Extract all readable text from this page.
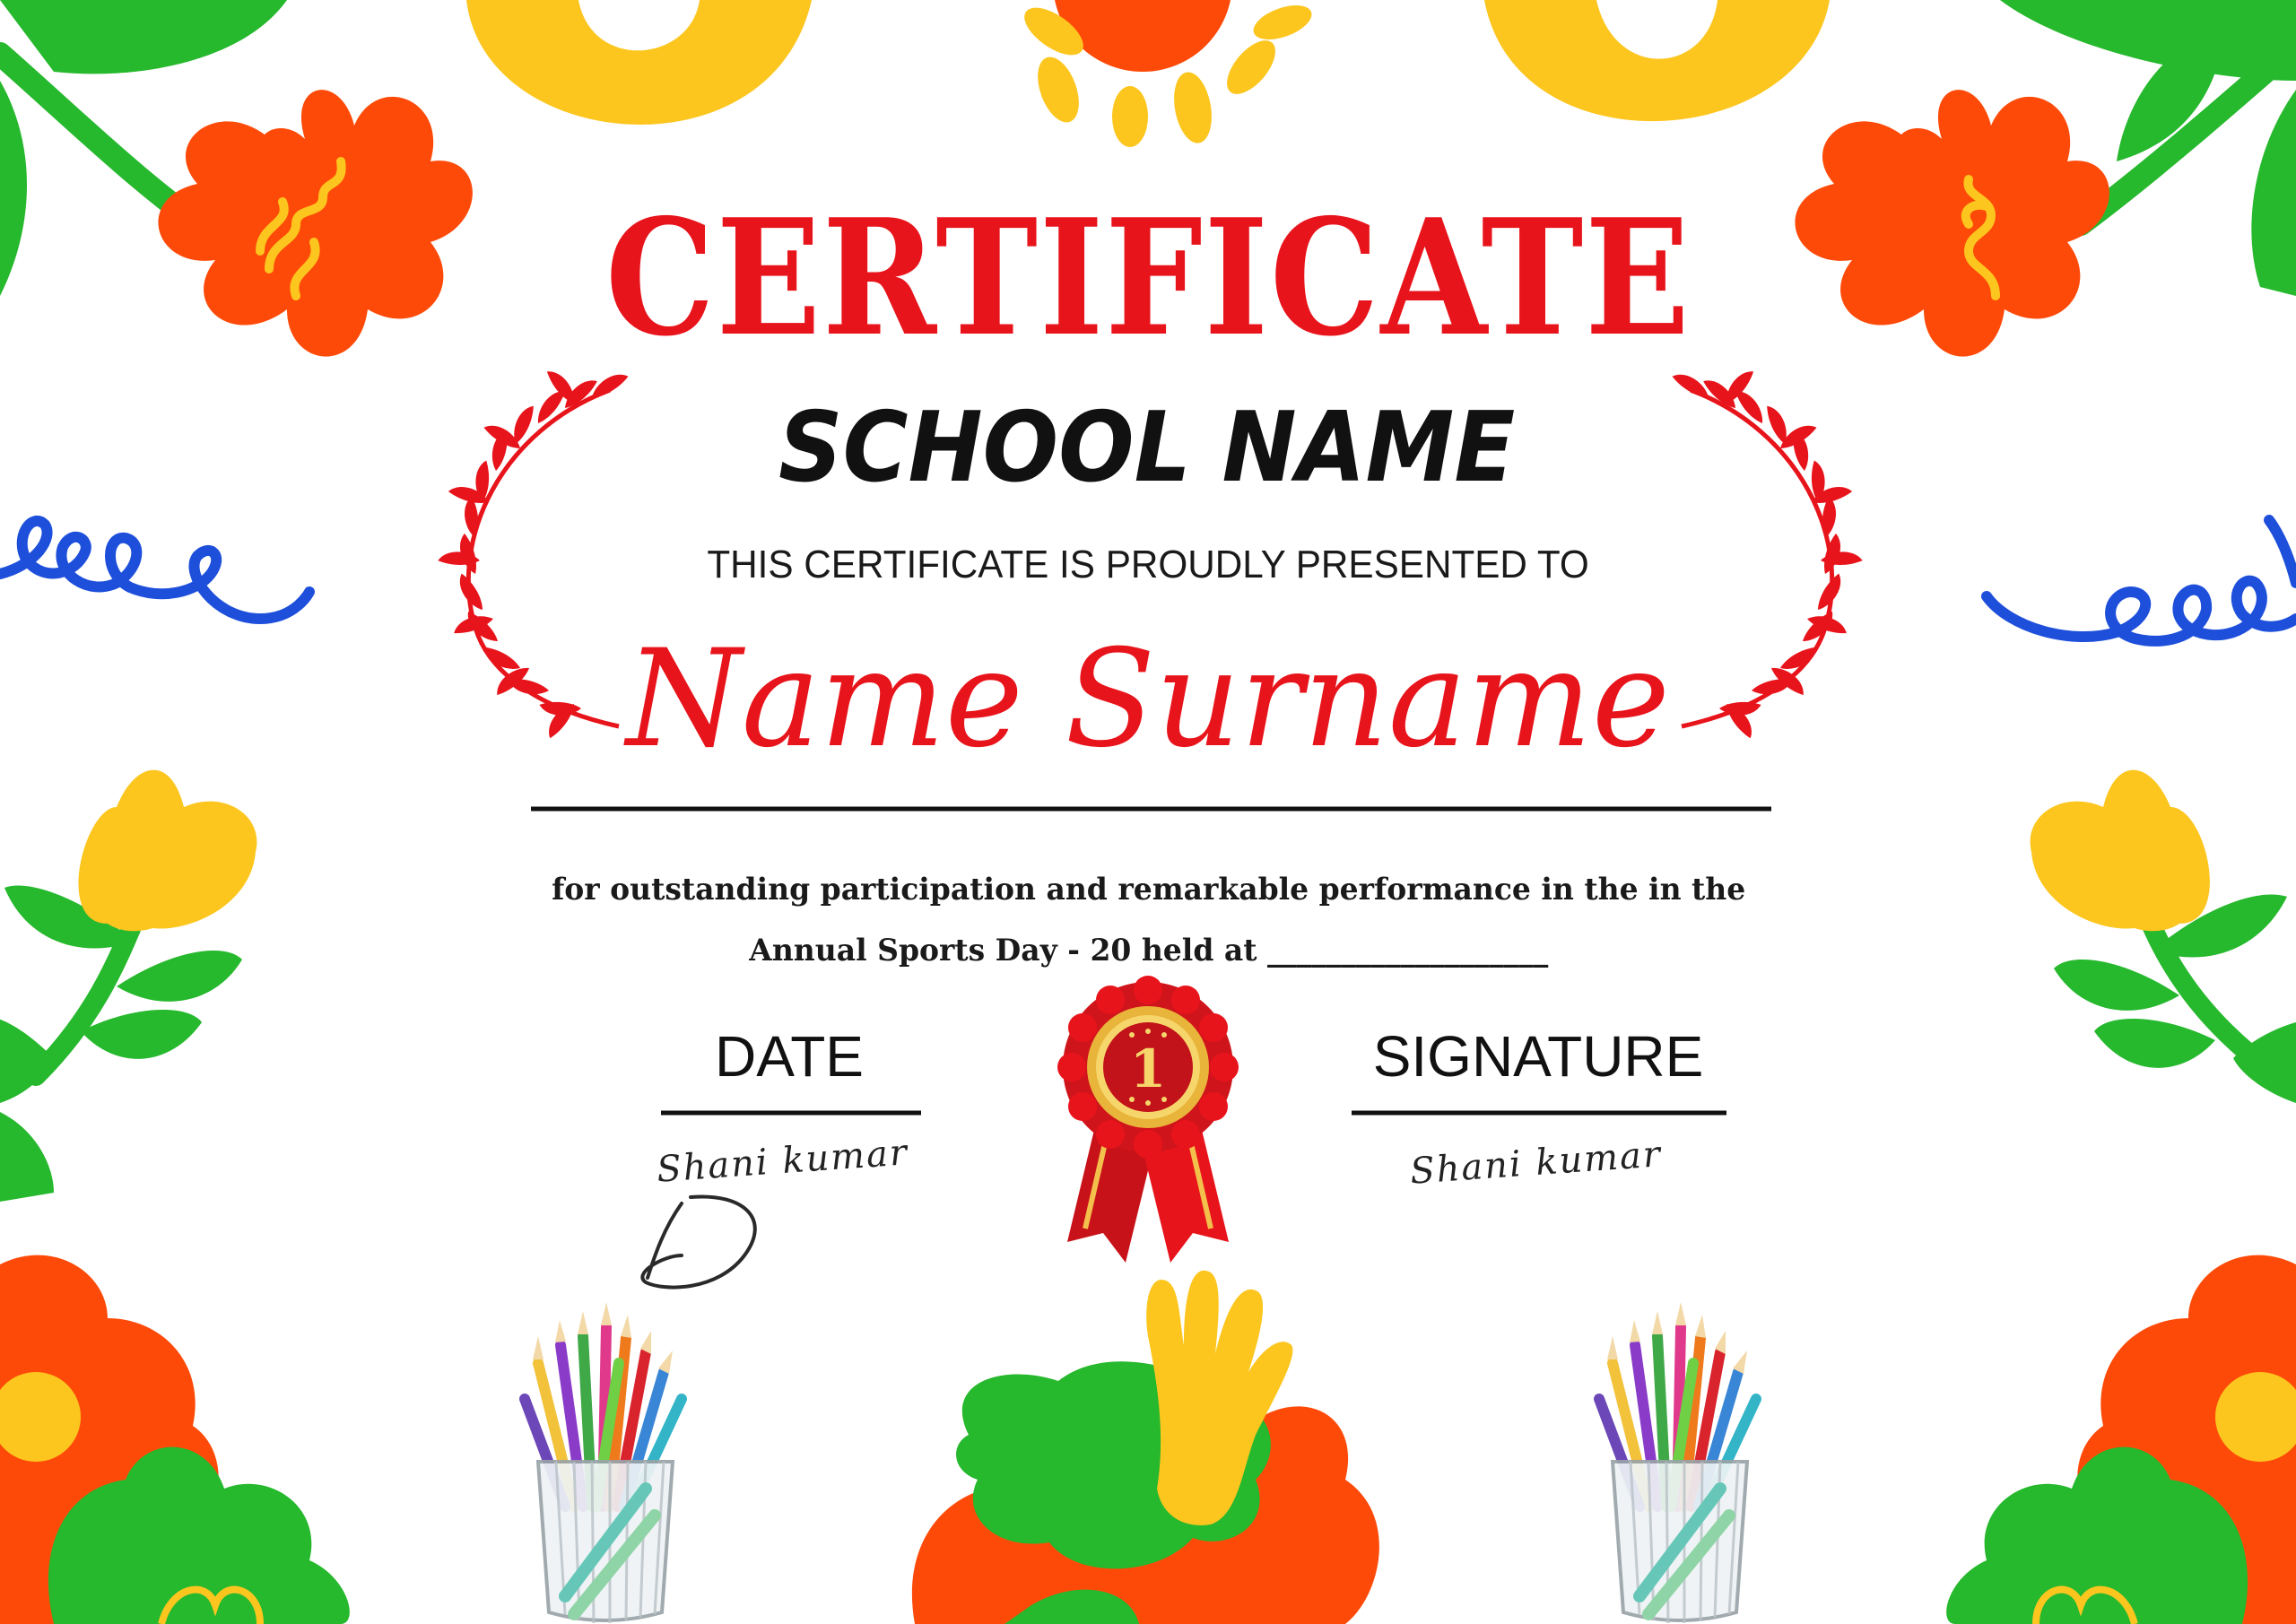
1
CERTIFICATE
SCHOOL NAME
THIS CERTIFICATE IS PROUDLY PRESENTED TO
Name Surname
for outstanding participation and remarkable performance in the in the
Annual Sports Day - 20 held at ___________________
DATE	SIGNATURE
Shani kumar	Shani kumar
